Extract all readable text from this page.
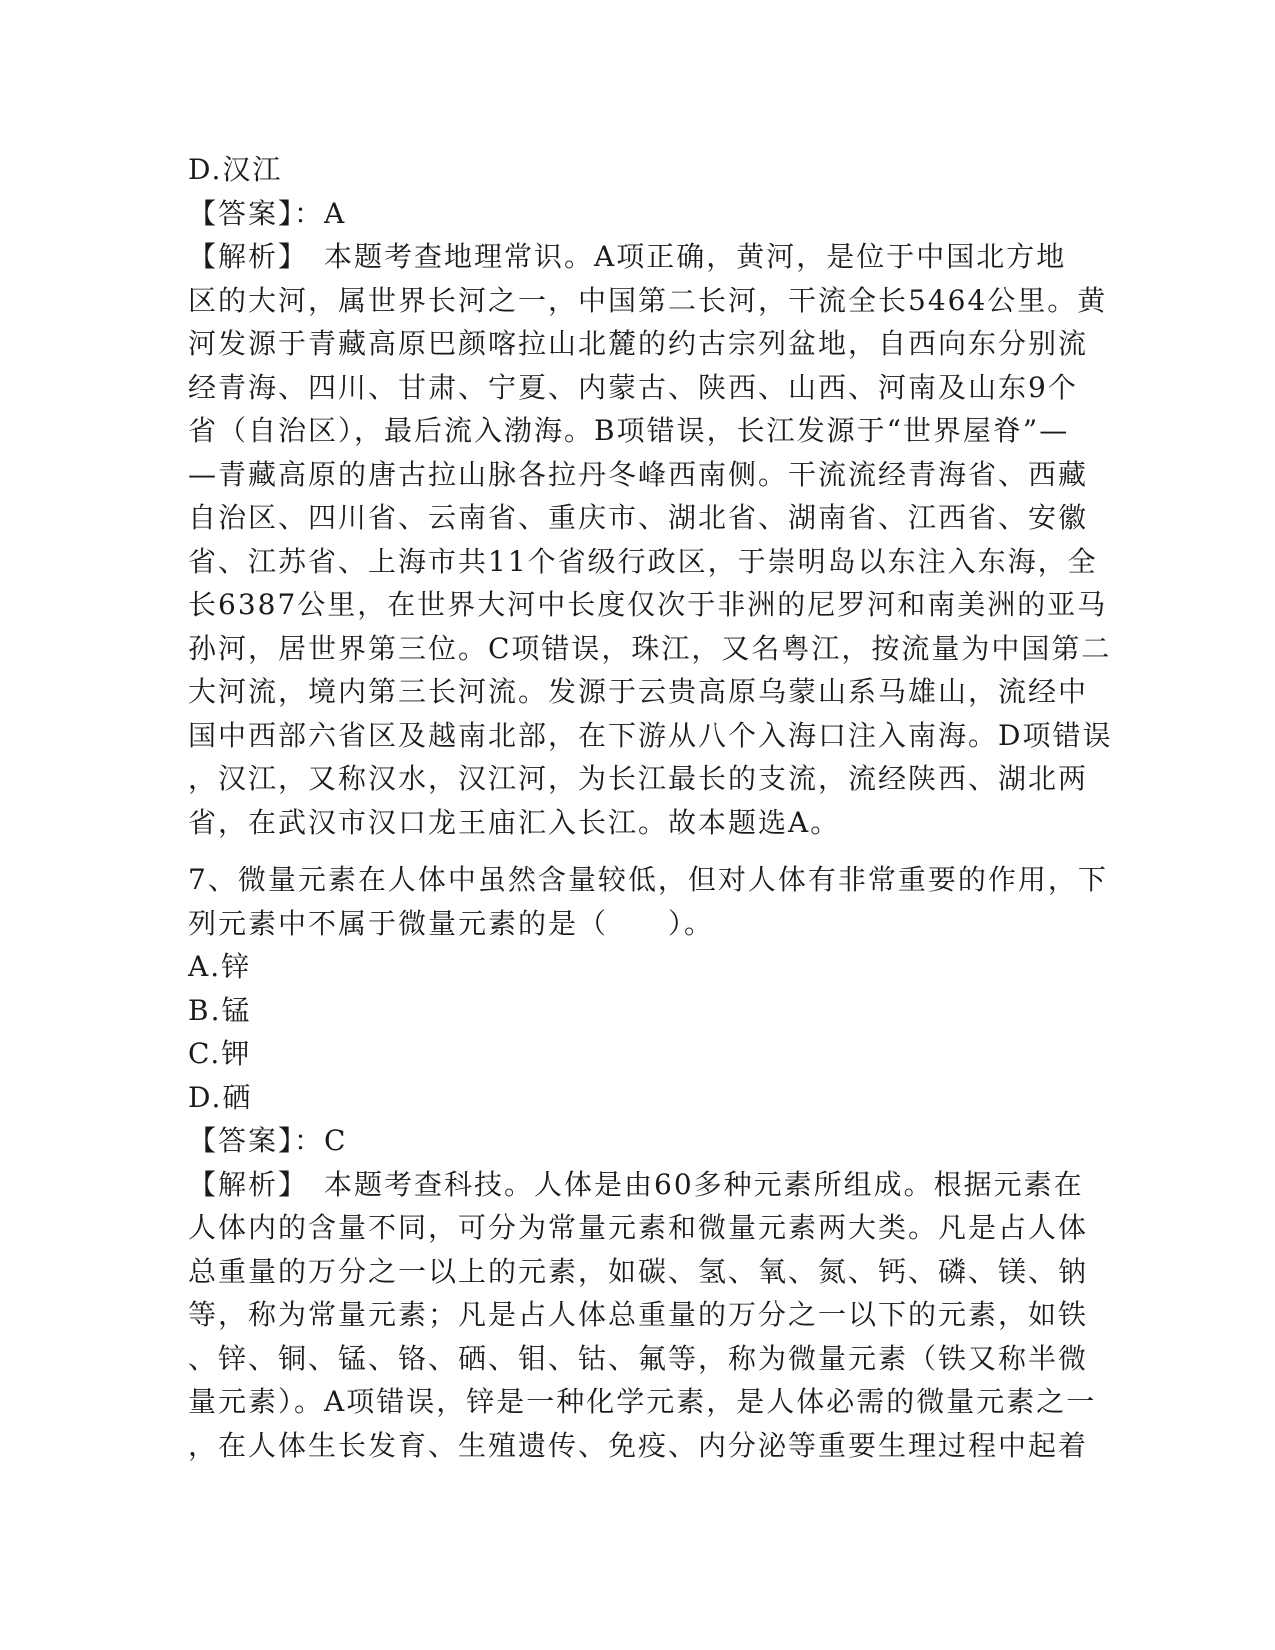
D.汉江
【答案】：A
【解析】　本题考查地理常识。A项正确，黄河，是位于中国北方地
区的大河，属世界长河之一，中国第二长河，干流全长5464公里。黄
河发源于青藏高原巴颜喀拉山北麓的约古宗列盆地，自西向东分别流
经青海、四川、甘肃、宁夏、内蒙古、陕西、山西、河南及山东9个
省（自治区），最后流入渤海。B项错误，长江发源于“世界屋脊”—
—青藏高原的唐古拉山脉各拉丹冬峰西南侧。干流流经青海省、西藏
自治区、四川省、云南省、重庆市、湖北省、湖南省、江西省、安徽
省、江苏省、上海市共11个省级行政区，于崇明岛以东注入东海，全
长6387公里，在世界大河中长度仅次于非洲的尼罗河和南美洲的亚马
孙河，居世界第三位。C项错误，珠江，又名粤江，按流量为中国第二
大河流，境内第三长河流。发源于云贵高原乌蒙山系马雄山，流经中
国中西部六省区及越南北部，在下游从八个入海口注入南海。D项错误
，汉江，又称汉水，汉江河，为长江最长的支流，流经陕西、湖北两
省，在武汉市汉口龙王庙汇入长江。故本题选A。
7、微量元素在人体中虽然含量较低，但对人体有非常重要的作用，下
列元素中不属于微量元素的是（　　）。
A.锌
B.锰
C.钾
D.硒
【答案】：C
【解析】　本题考查科技。人体是由60多种元素所组成。根据元素在
人体内的含量不同，可分为常量元素和微量元素两大类。凡是占人体
总重量的万分之一以上的元素，如碳、氢、氧、氮、钙、磷、镁、钠
等，称为常量元素；凡是占人体总重量的万分之一以下的元素，如铁
、锌、铜、锰、铬、硒、钼、钴、氟等，称为微量元素（铁又称半微
量元素）。A项错误，锌是一种化学元素，是人体必需的微量元素之一
，在人体生长发育、生殖遗传、免疫、内分泌等重要生理过程中起着
